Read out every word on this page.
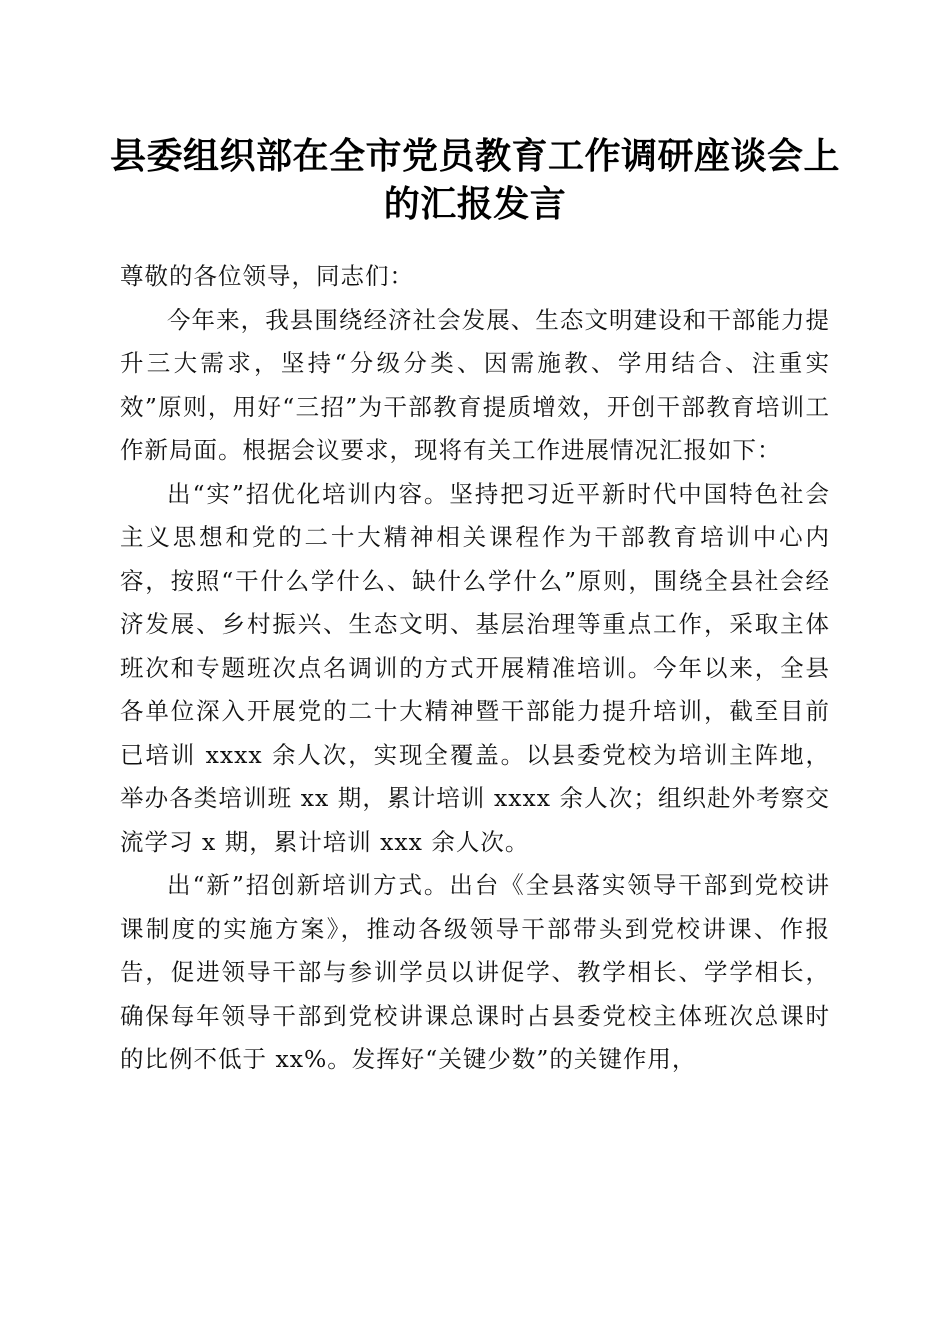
县委组织部在全市党员教育工作调研座谈会上的汇报发言

尊敬的各位领导，同志们：

今年来，我县围绕经济社会发展、生态文明建设和干部能力提升三大需求，坚持“分级分类、因需施教、学用结合、注重实效”原则，用好“三招”为干部教育提质增效，开创干部教育培训工作新局面。根据会议要求，现将有关工作进展情况汇报如下：

出“实”招优化培训内容。坚持把习近平新时代中国特色社会主义思想和党的二十大精神相关课程作为干部教育培训中心内容，按照“干什么学什么、缺什么学什么”原则，围绕全县社会经济发展、乡村振兴、生态文明、基层治理等重点工作，采取主体班次和专题班次点名调训的方式开展精准培训。今年以来，全县各单位深入开展党的二十大精神暨干部能力提升培训，截至目前已培训 xxxx 余人次，实现全覆盖。以县委党校为培训主阵地，举办各类培训班 xx 期，累计培训 xxxx 余人次；组织赴外考察交流学习 x 期，累计培训 xxx 余人次。

出“新”招创新培训方式。出台《全县落实领导干部到党校讲课制度的实施方案》，推动各级领导干部带头到党校讲课、作报告，促进领导干部与参训学员以讲促学、教学相长、学学相长，确保每年领导干部到党校讲课总课时占县委党校主体班次总课时的比例不低于 xx%。发挥好“关键少数”的关键作用，
